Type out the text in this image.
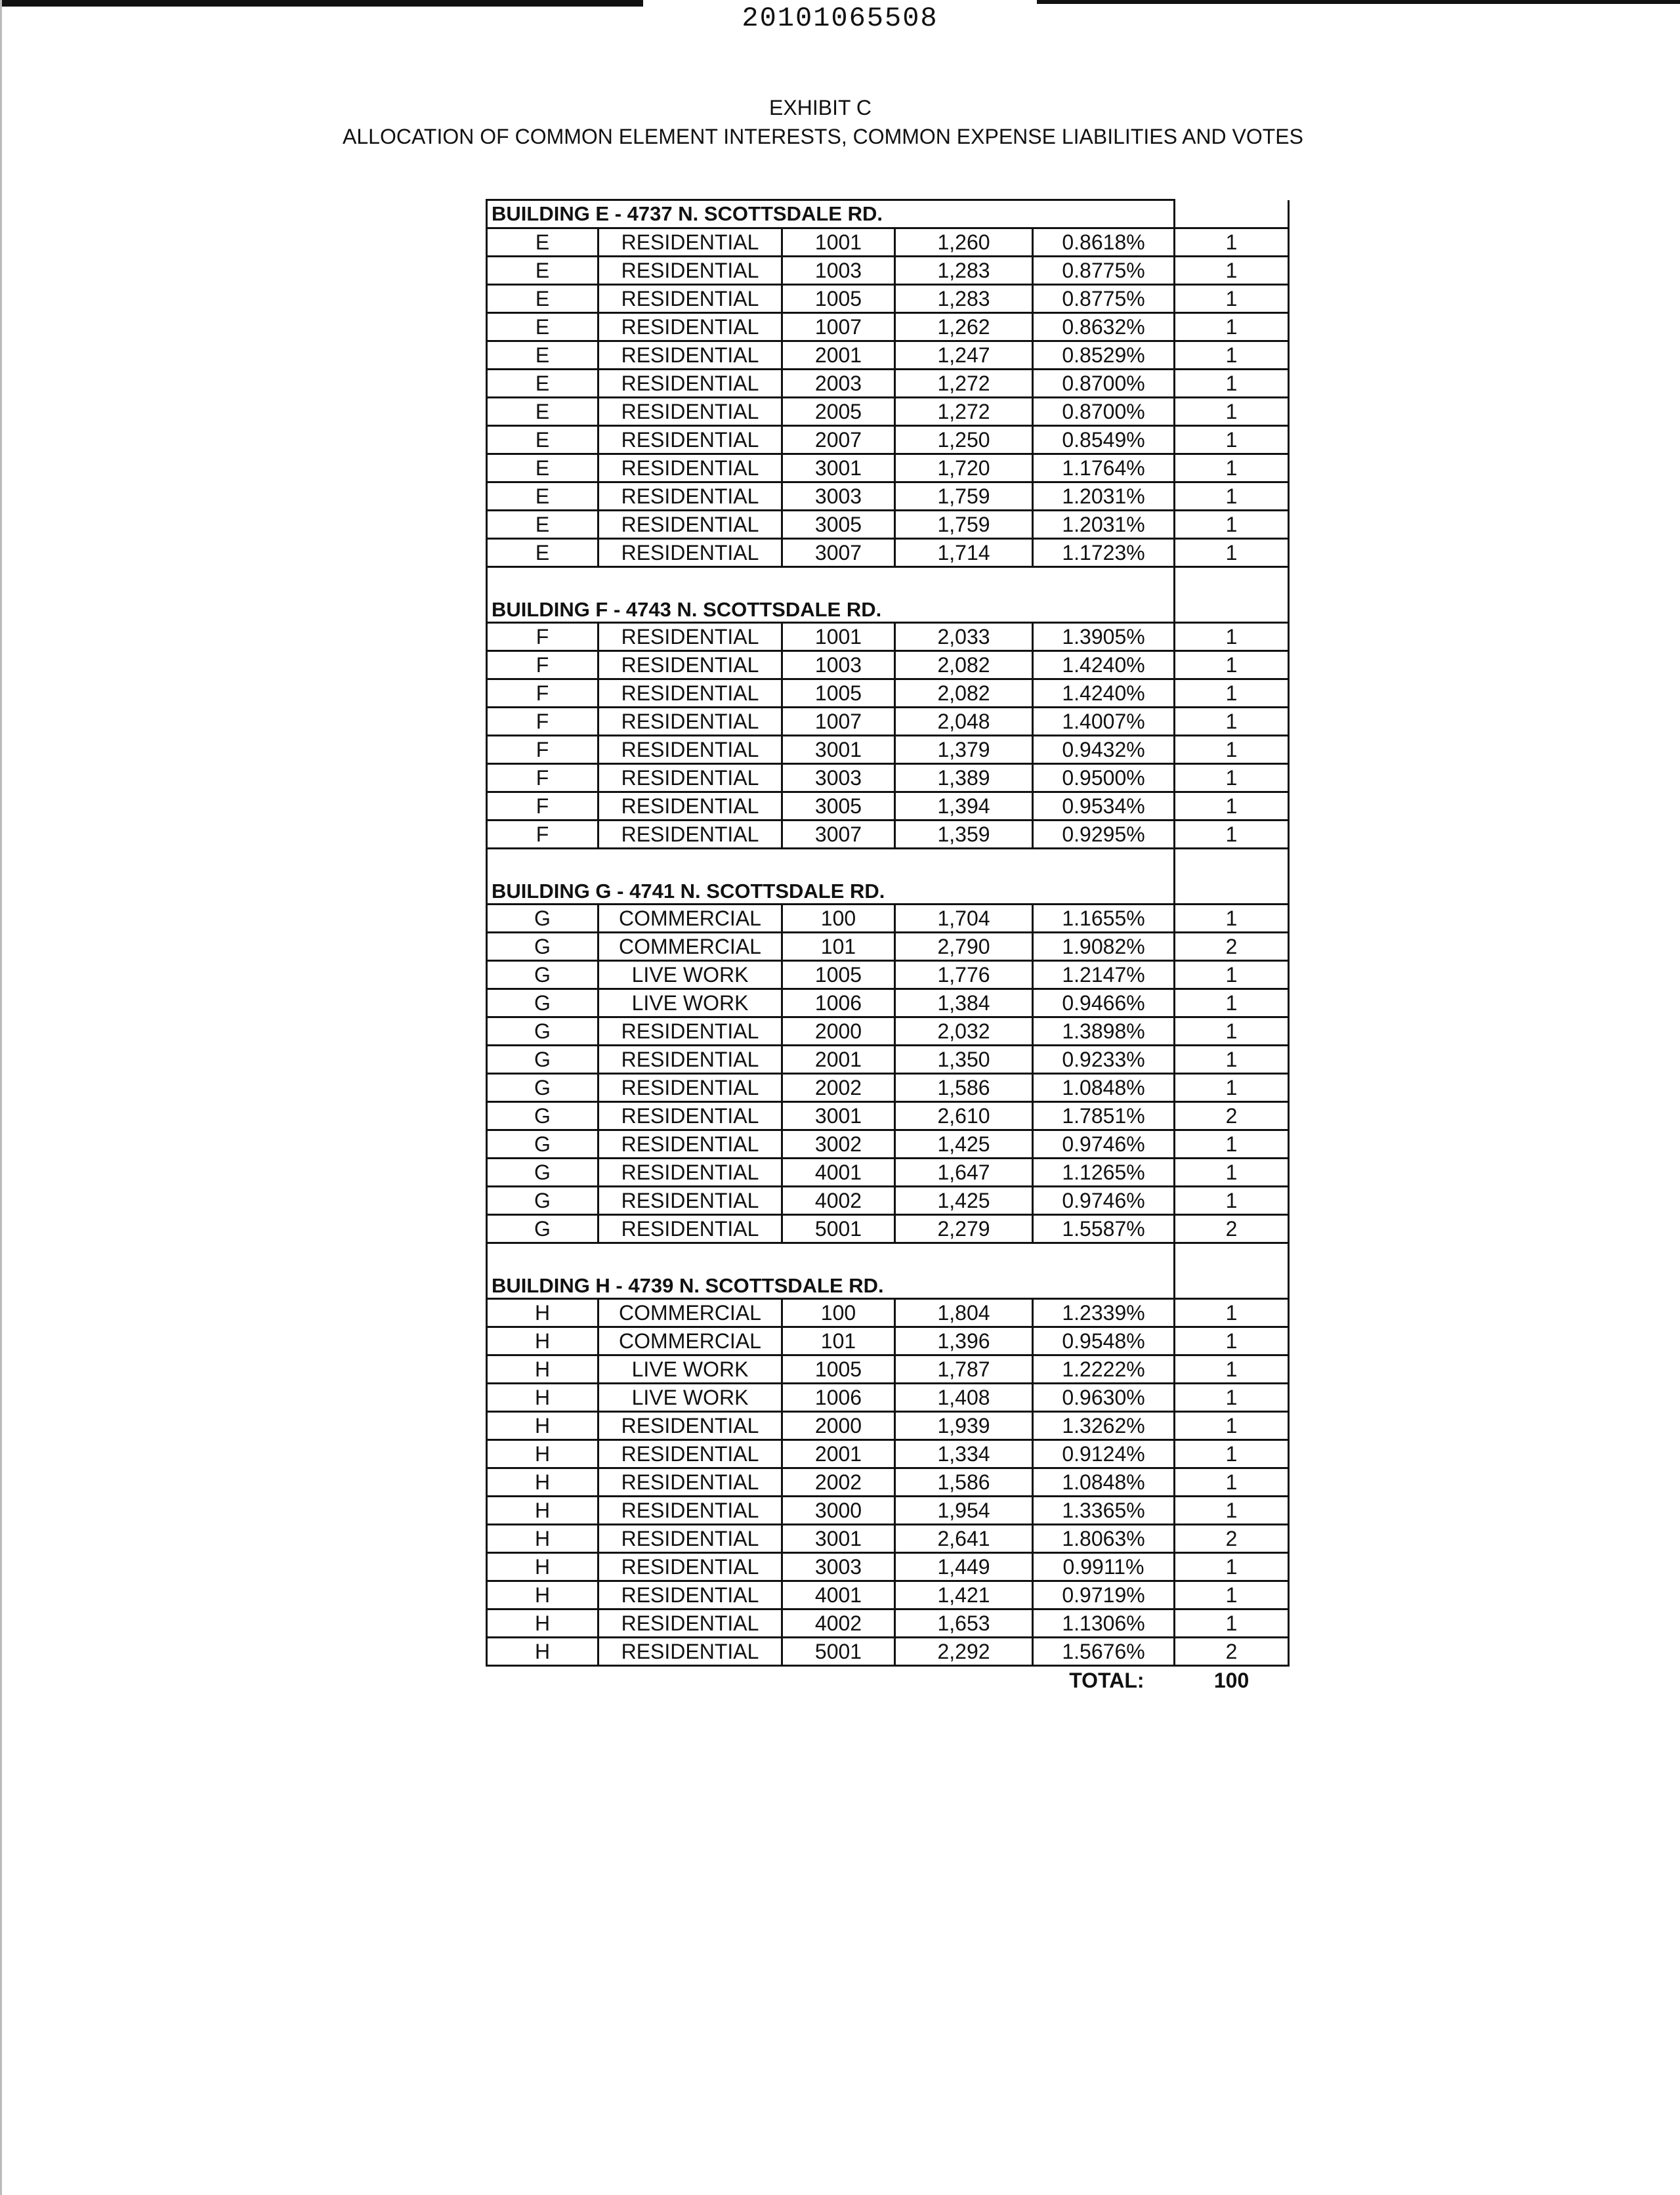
20101065508
EXHIBIT C
ALLOCATION OF COMMON ELEMENT INTERESTS, COMMON EXPENSE LIABILITIES AND VOTES
BUILDING E - 4737 N. SCOTTSDALE RD.					
E	RESIDENTIAL	1001	1,260	0.8618%	1
E	RESIDENTIAL	1003	1,283	0.8775%	1
E	RESIDENTIAL	1005	1,283	0.8775%	1
E	RESIDENTIAL	1007	1,262	0.8632%	1
E	RESIDENTIAL	2001	1,247	0.8529%	1
E	RESIDENTIAL	2003	1,272	0.8700%	1
E	RESIDENTIAL	2005	1,272	0.8700%	1
E	RESIDENTIAL	2007	1,250	0.8549%	1
E	RESIDENTIAL	3001	1,720	1.1764%	1
E	RESIDENTIAL	3003	1,759	1.2031%	1
E	RESIDENTIAL	3005	1,759	1.2031%	1
E	RESIDENTIAL	3007	1,714	1.1723%	1
BUILDING F - 4743 N. SCOTTSDALE RD.					
F	RESIDENTIAL	1001	2,033	1.3905%	1
F	RESIDENTIAL	1003	2,082	1.4240%	1
F	RESIDENTIAL	1005	2,082	1.4240%	1
F	RESIDENTIAL	1007	2,048	1.4007%	1
F	RESIDENTIAL	3001	1,379	0.9432%	1
F	RESIDENTIAL	3003	1,389	0.9500%	1
F	RESIDENTIAL	3005	1,394	0.9534%	1
F	RESIDENTIAL	3007	1,359	0.9295%	1
BUILDING G - 4741 N. SCOTTSDALE RD.					
G	COMMERCIAL	100	1,704	1.1655%	1
G	COMMERCIAL	101	2,790	1.9082%	2
G	LIVE WORK	1005	1,776	1.2147%	1
G	LIVE WORK	1006	1,384	0.9466%	1
G	RESIDENTIAL	2000	2,032	1.3898%	1
G	RESIDENTIAL	2001	1,350	0.9233%	1
G	RESIDENTIAL	2002	1,586	1.0848%	1
G	RESIDENTIAL	3001	2,610	1.7851%	2
G	RESIDENTIAL	3002	1,425	0.9746%	1
G	RESIDENTIAL	4001	1,647	1.1265%	1
G	RESIDENTIAL	4002	1,425	0.9746%	1
G	RESIDENTIAL	5001	2,279	1.5587%	2
BUILDING H - 4739 N. SCOTTSDALE RD.					
H	COMMERCIAL	100	1,804	1.2339%	1
H	COMMERCIAL	101	1,396	0.9548%	1
H	LIVE WORK	1005	1,787	1.2222%	1
H	LIVE WORK	1006	1,408	0.9630%	1
H	RESIDENTIAL	2000	1,939	1.3262%	1
H	RESIDENTIAL	2001	1,334	0.9124%	1
H	RESIDENTIAL	2002	1,586	1.0848%	1
H	RESIDENTIAL	3000	1,954	1.3365%	1
H	RESIDENTIAL	3001	2,641	1.8063%	2
H	RESIDENTIAL	3003	1,449	0.9911%	1
H	RESIDENTIAL	4001	1,421	0.9719%	1
H	RESIDENTIAL	4002	1,653	1.1306%	1
H	RESIDENTIAL	5001	2,292	1.5676%	2
				TOTAL:	100
